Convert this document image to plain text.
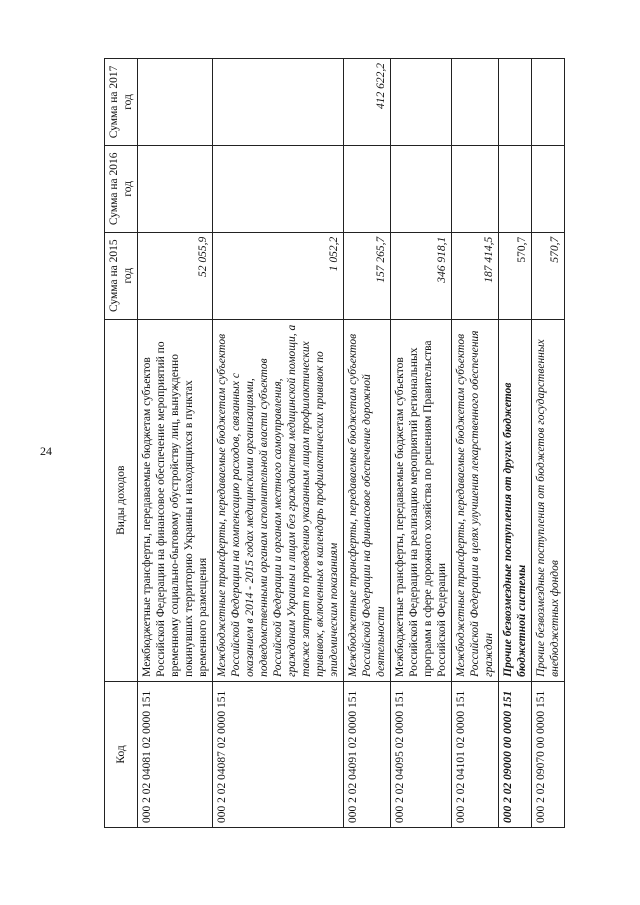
24
Код	Виды доходов	Сумма на 2015 год	Сумма на 2016 год	Сумма на 2017 год
000 2 02 04081 02 0000 151	Межбюджетные трансферты, передаваемые бюджетам субъектов Российской Федерации на финансовое обеспечение мероприятий по временному социально-бытовому обустройству лиц, вынужденно покинувших территорию Украины и находящихся в пунктах временного размещения	52 055,9		
000 2 02 04087 02 0000 151	Межбюджетные трансферты, передаваемые бюджетам субъектов Российской Федерации на компенсацию расходов, связанных с оказанием в 2014 - 2015 годах медицинскими организациями, подведомственными органам исполнительной власти субъектов Российской Федерации и органам местного самоуправления, гражданам Украины и лицам без гражданства медицинской помощи, а также затрат по проведению указанным лицам профилактических прививок, включенных в календарь профилактических прививок по эпидемическим показаниям	1 052,2		
000 2 02 04091 02 0000 151	Межбюджетные трансферты, передаваемые бюджетам субъектов Российской Федерации на финансовое обеспечение дорожной деятельности	157 265,7		412 622,2
000 2 02 04095 02 0000 151	Межбюджетные трансферты, передаваемые бюджетам субъектов Российской Федерации на реализацию мероприятий региональных программ в сфере дорожного хозяйства по решениям Правительства Российской Федерации	346 918,1		
000 2 02 04101 02 0000 151	Межбюджетные трансферты, передаваемые бюджетам субъектов Российской Федерации в целях улучшения лекарственного обеспечения граждан	187 414,5		
000 2 02 09000 00 0000 151	Прочие безвозмездные поступления от других бюджетов бюджетной системы	570,7		
000 2 02 09070 00 0000 151	Прочие безвозмездные поступления от бюджетов государственных внебюджетных фондов	570,7		
